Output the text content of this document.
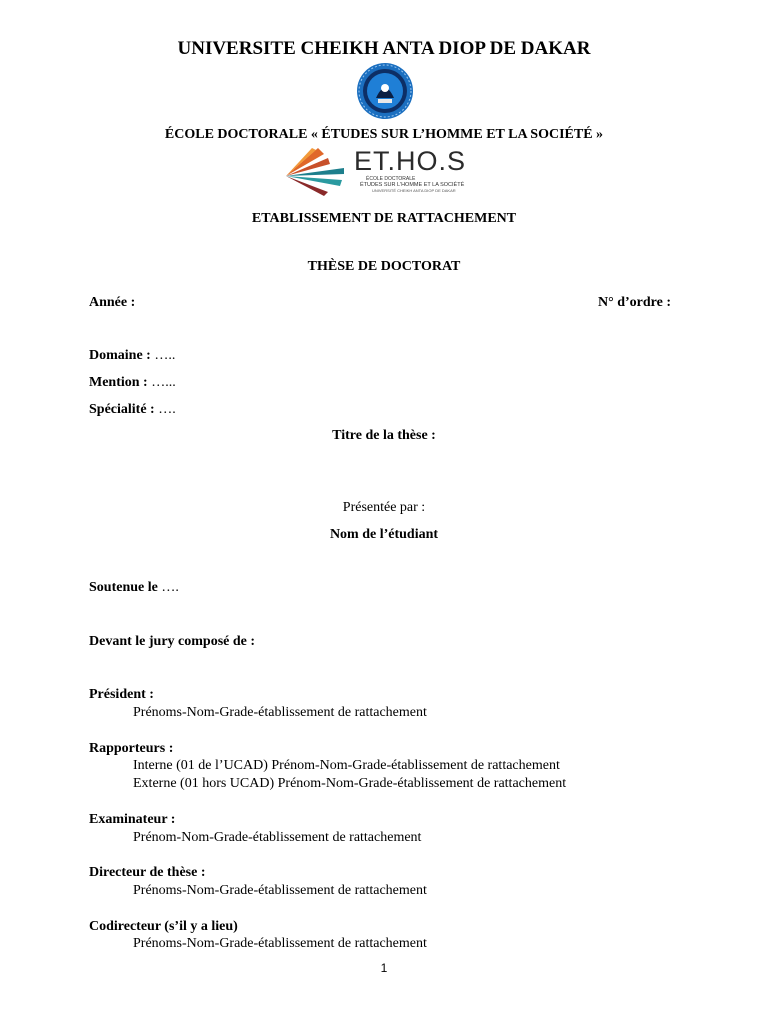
UNIVERSITE CHEIKH ANTA DIOP DE DAKAR
ÉCOLE DOCTORALE « ÉTUDES SUR L’HOMME ET LA SOCIÉTÉ »
ET.HO.S
ÉCOLE DOCTORALE
ÉTUDES SUR L'HOMME ET LA SOCIÉTÉ
UNIVERSITÉ CHEIKH ANTA DIOP DE DAKAR
ETABLISSEMENT DE RATTACHEMENT
THÈSE DE DOCTORAT
Année :	N° d’ordre :
Domaine : …..
Mention : …...
Spécialité : ….
Titre de la thèse :
Présentée par :
Nom de l’étudiant
Soutenue le ….
Devant le jury composé de :
Président :
Prénoms-Nom-Grade-établissement de rattachement
Rapporteurs :
Interne (01 de l’UCAD) Prénom-Nom-Grade-établissement de rattachement
Externe (01 hors UCAD) Prénom-Nom-Grade-établissement de rattachement
Examinateur :
Prénom-Nom-Grade-établissement de rattachement
Directeur de thèse :
Prénoms-Nom-Grade-établissement de rattachement
Codirecteur (s’il y a lieu)
Prénoms-Nom-Grade-établissement de rattachement
1
